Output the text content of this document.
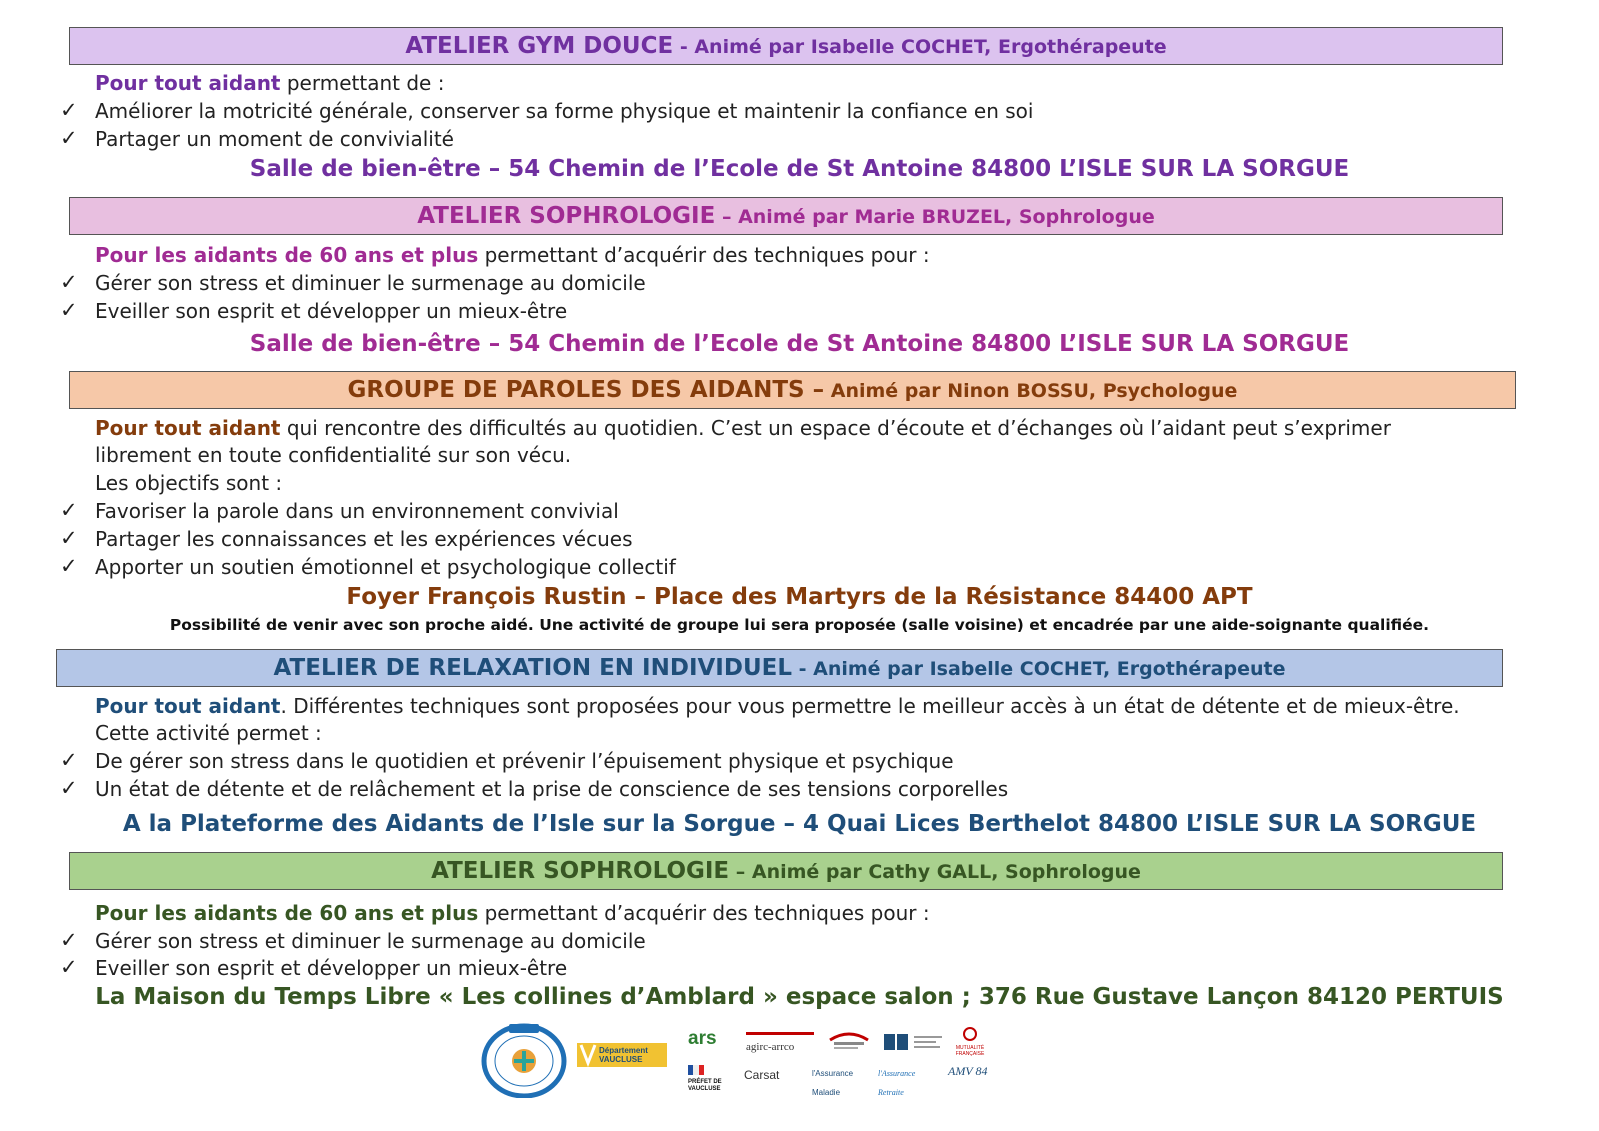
ATELIER GYM DOUCE - Animé par Isabelle COCHET, Ergothérapeute
Pour tout aidant permettant de :
✓ Améliorer la motricité générale, conserver sa forme physique et maintenir la confiance en soi
✓ Partager un moment de convivialité
Salle de bien-être – 54 Chemin de l’Ecole de St Antoine 84800 L’ISLE SUR LA SORGUE
ATELIER SOPHROLOGIE – Animé par Marie BRUZEL, Sophrologue
Pour les aidants de 60 ans et plus permettant d’acquérir des techniques pour :
✓ Gérer son stress et diminuer le surmenage au domicile
✓ Eveiller son esprit et développer un mieux-être
Salle de bien-être – 54 Chemin de l’Ecole de St Antoine 84800 L’ISLE SUR LA SORGUE
GROUPE DE PAROLES DES AIDANTS – Animé par Ninon BOSSU, Psychologue
Pour tout aidant qui rencontre des difficultés au quotidien. C’est un espace d’écoute et d’échanges où l’aidant peut s’exprimer
librement en toute confidentialité sur son vécu.
Les objectifs sont :
✓ Favoriser la parole dans un environnement convivial
✓ Partager les connaissances et les expériences vécues
✓ Apporter un soutien émotionnel et psychologique collectif
Foyer François Rustin – Place des Martyrs de la Résistance 84400 APT
Possibilité de venir avec son proche aidé. Une activité de groupe lui sera proposée (salle voisine) et encadrée par une aide-soignante qualifiée.
ATELIER DE RELAXATION EN INDIVIDUEL - Animé par Isabelle COCHET, Ergothérapeute
Pour tout aidant. Différentes techniques sont proposées pour vous permettre le meilleur accès à un état de détente et de mieux-être.
Cette activité permet :
✓ De gérer son stress dans le quotidien et prévenir l’épuisement physique et psychique
✓ Un état de détente et de relâchement et la prise de conscience de ses tensions corporelles
A la Plateforme des Aidants de l’Isle sur la Sorgue – 4 Quai Lices Berthelot 84800 L’ISLE SUR LA SORGUE
ATELIER SOPHROLOGIE – Animé par Cathy GALL, Sophrologue
Pour les aidants de 60 ans et plus permettant d’acquérir des techniques pour :
✓ Gérer son stress et diminuer le surmenage au domicile
✓ Eveiller son esprit et développer un mieux-être
La Maison du Temps Libre « Les collines d’Amblard » espace salon ; 376 Rue Gustave Lançon 84120 PERTUIS
Département VAUCLUSE
ars	agirc-arrco	MUTUALITÉ FRANÇAISE
PRÉFET DE VAUCLUSE
Carsat	l'Assurance Maladie
l'Assurance Retraite
AMV 84
